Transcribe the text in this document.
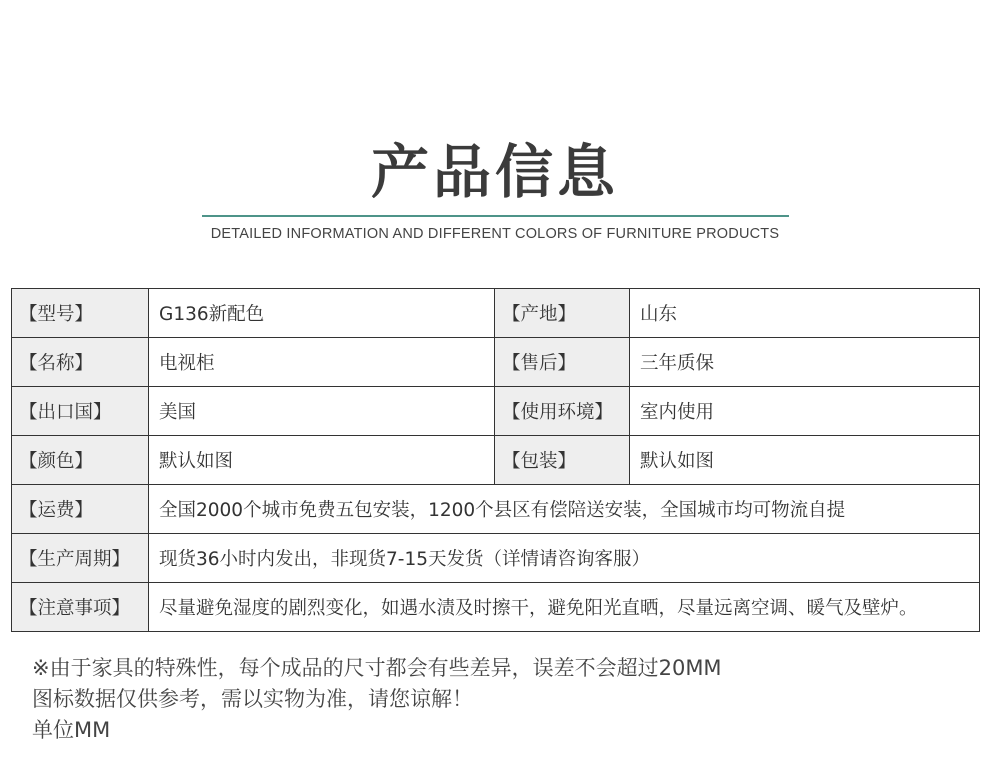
产品信息
DETAILED INFORMATION AND DIFFERENT COLORS OF FURNITURE PRODUCTS
【型号】	G136新配色	【产地】	山东
【名称】	电视柜	【售后】	三年质保
【出口国】	美国	【使用环境】	室内使用
【颜色】	默认如图	【包装】	默认如图
【运费】	全国2000个城市免费五包安装，1200个县区有偿陪送安装，全国城市均可物流自提		
【生产周期】	现货36小时内发出，非现货7-15天发货（详情请咨询客服）		
【注意事项】	尽量避免湿度的剧烈变化，如遇水渍及时擦干，避免阳光直晒，尽量远离空调、暖气及壁炉。		
※由于家具的特殊性，每个成品的尺寸都会有些差异，误差不会超过20MM
图标数据仅供参考，需以实物为准，请您谅解！
单位MM
